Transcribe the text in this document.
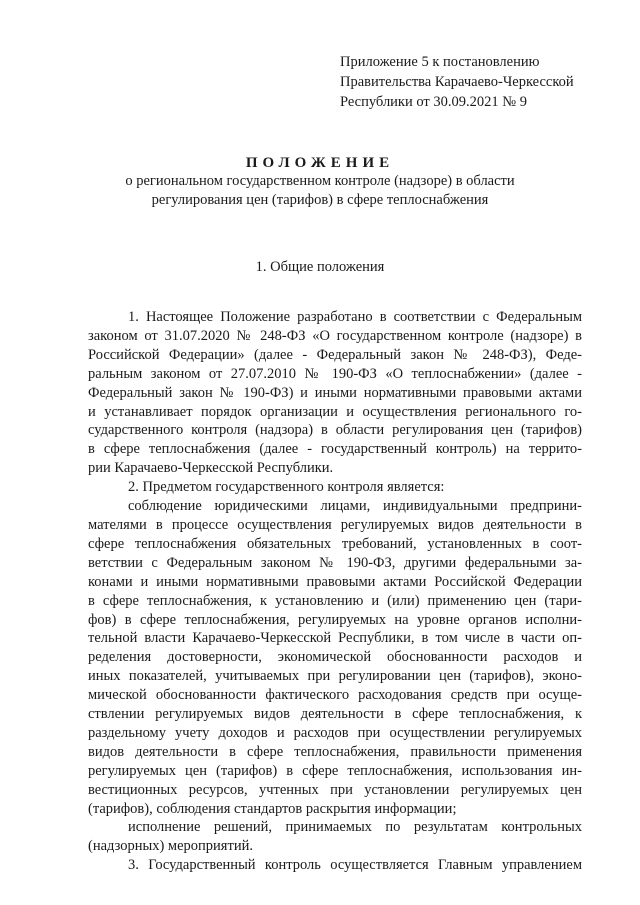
Приложение 5 к постановлению
Правительства Карачаево-Черкесской
Республики от 30.09.2021 № 9
ПОЛОЖЕНИЕ
о региональном государственном контроле (надзоре) в области
регулирования цен (тарифов) в сфере теплоснабжения
1. Общие положения
1. Настоящее Положение разработано в соответствии с Федеральным
законом от 31.07.2020 № 248-ФЗ «О государственном контроле (надзоре) в
Российской Федерации» (далее - Федеральный закон № 248-ФЗ), Феде-
ральным законом от 27.07.2010 № 190-ФЗ «О теплоснабжении» (далее -
Федеральный закон № 190-ФЗ) и иными нормативными правовыми актами
и устанавливает порядок организации и осуществления регионального го-
сударственного контроля (надзора) в области регулирования цен (тарифов)
в сфере теплоснабжения (далее - государственный контроль) на террито-
рии Карачаево-Черкесской Республики.
2. Предметом государственного контроля является:
соблюдение юридическими лицами, индивидуальными предприни-
мателями в процессе осуществления регулируемых видов деятельности в
сфере теплоснабжения обязательных требований, установленных в соот-
ветствии с Федеральным законом № 190-ФЗ, другими федеральными за-
конами и иными нормативными правовыми актами Российской Федерации
в сфере теплоснабжения, к установлению и (или) применению цен (тари-
фов) в сфере теплоснабжения, регулируемых на уровне органов исполни-
тельной власти Карачаево-Черкесской Республики, в том числе в части оп-
ределения достоверности, экономической обоснованности расходов и
иных показателей, учитываемых при регулировании цен (тарифов), эконо-
мической обоснованности фактического расходования средств при осуще-
ствлении регулируемых видов деятельности в сфере теплоснабжения, к
раздельному учету доходов и расходов при осуществлении регулируемых
видов деятельности в сфере теплоснабжения, правильности применения
регулируемых цен (тарифов) в сфере теплоснабжения, использования ин-
вестиционных ресурсов, учтенных при установлении регулируемых цен
(тарифов), соблюдения стандартов раскрытия информации;
исполнение решений, принимаемых по результатам контрольных
(надзорных) мероприятий.
3. Государственный контроль осуществляется Главным управлением
